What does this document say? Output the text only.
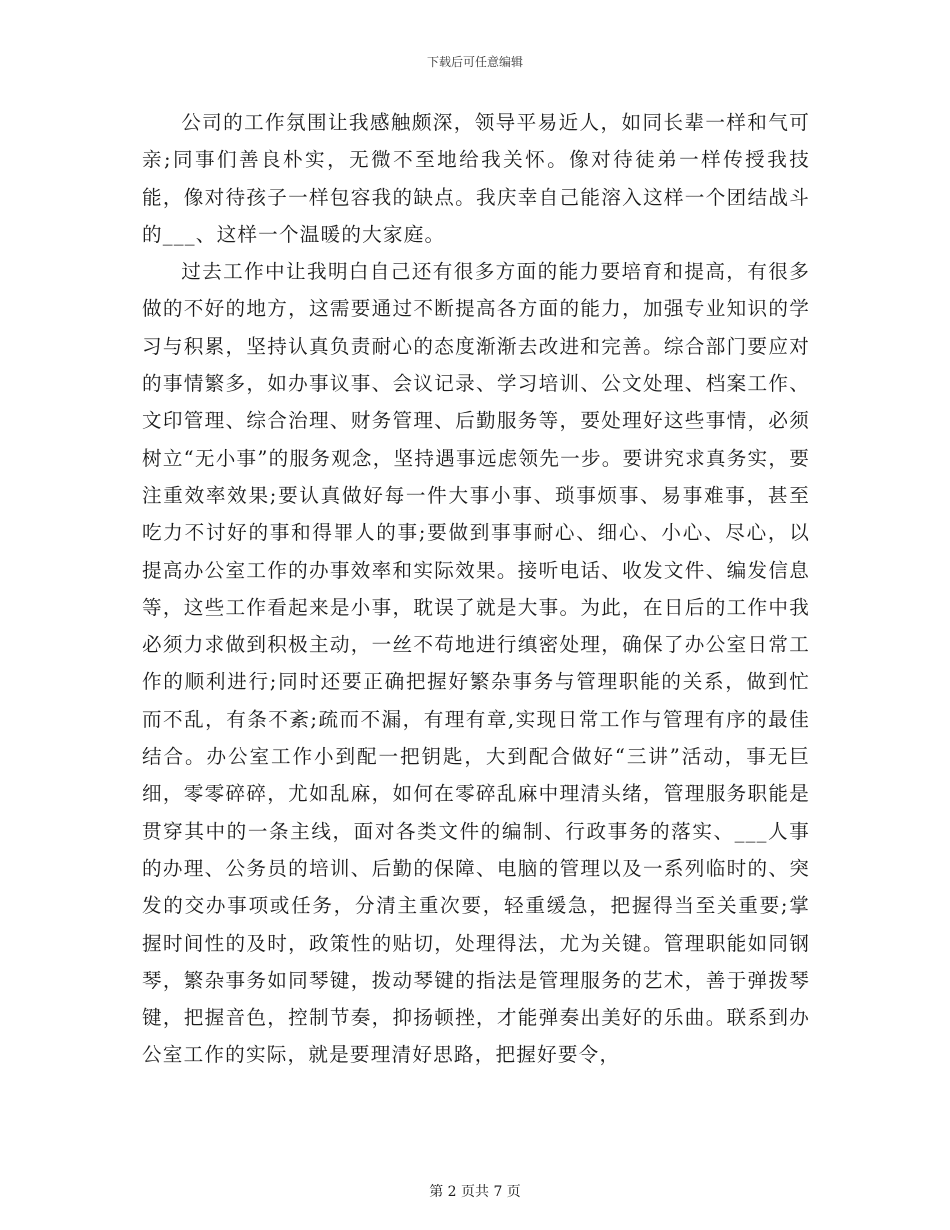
下载后可任意编辑

公司的工作氛围让我感触颇深，领导平易近人，如同长辈一样和气可亲;同事们善良朴实，无微不至地给我关怀。像对待徒弟一样传授我技能，像对待孩子一样包容我的缺点。我庆幸自己能溶入这样一个团结战斗的___、这样一个温暖的大家庭。

过去工作中让我明白自己还有很多方面的能力要培育和提高，有很多做的不好的地方，这需要通过不断提高各方面的能力，加强专业知识的学习与积累，坚持认真负责耐心的态度渐渐去改进和完善。综合部门要应对的事情繁多，如办事议事、会议记录、学习培训、公文处理、档案工作、文印管理、综合治理、财务管理、后勤服务等，要处理好这些事情，必须树立“无小事”的服务观念，坚持遇事远虑领先一步。要讲究求真务实，要注重效率效果;要认真做好每一件大事小事、琐事烦事、易事难事，甚至吃力不讨好的事和得罪人的事;要做到事事耐心、细心、小心、尽心，以提高办公室工作的办事效率和实际效果。接听电话、收发文件、编发信息等，这些工作看起来是小事，耽误了就是大事。为此，在日后的工作中我必须力求做到积极主动，一丝不苟地进行缜密处理，确保了办公室日常工作的顺利进行;同时还要正确把握好繁杂事务与管理职能的关系，做到忙而不乱，有条不紊;疏而不漏，有理有章,实现日常工作与管理有序的最佳结合。办公室工作小到配一把钥匙，大到配合做好“三讲”活动，事无巨细，零零碎碎，尤如乱麻，如何在零碎乱麻中理清头绪，管理服务职能是贯穿其中的一条主线，面对各类文件的编制、行政事务的落实、___人事的办理、公务员的培训、后勤的保障、电脑的管理以及一系列临时的、突发的交办事项或任务，分清主重次要，轻重缓急，把握得当至关重要;掌握时间性的及时，政策性的贴切，处理得法，尤为关键。管理职能如同钢琴，繁杂事务如同琴键，拨动琴键的指法是管理服务的艺术，善于弹拨琴键，把握音色，控制节奏，抑扬顿挫，才能弹奏出美好的乐曲。联系到办公室工作的实际，就是要理清好思路，把握好要令，

第 2 页共 7 页
